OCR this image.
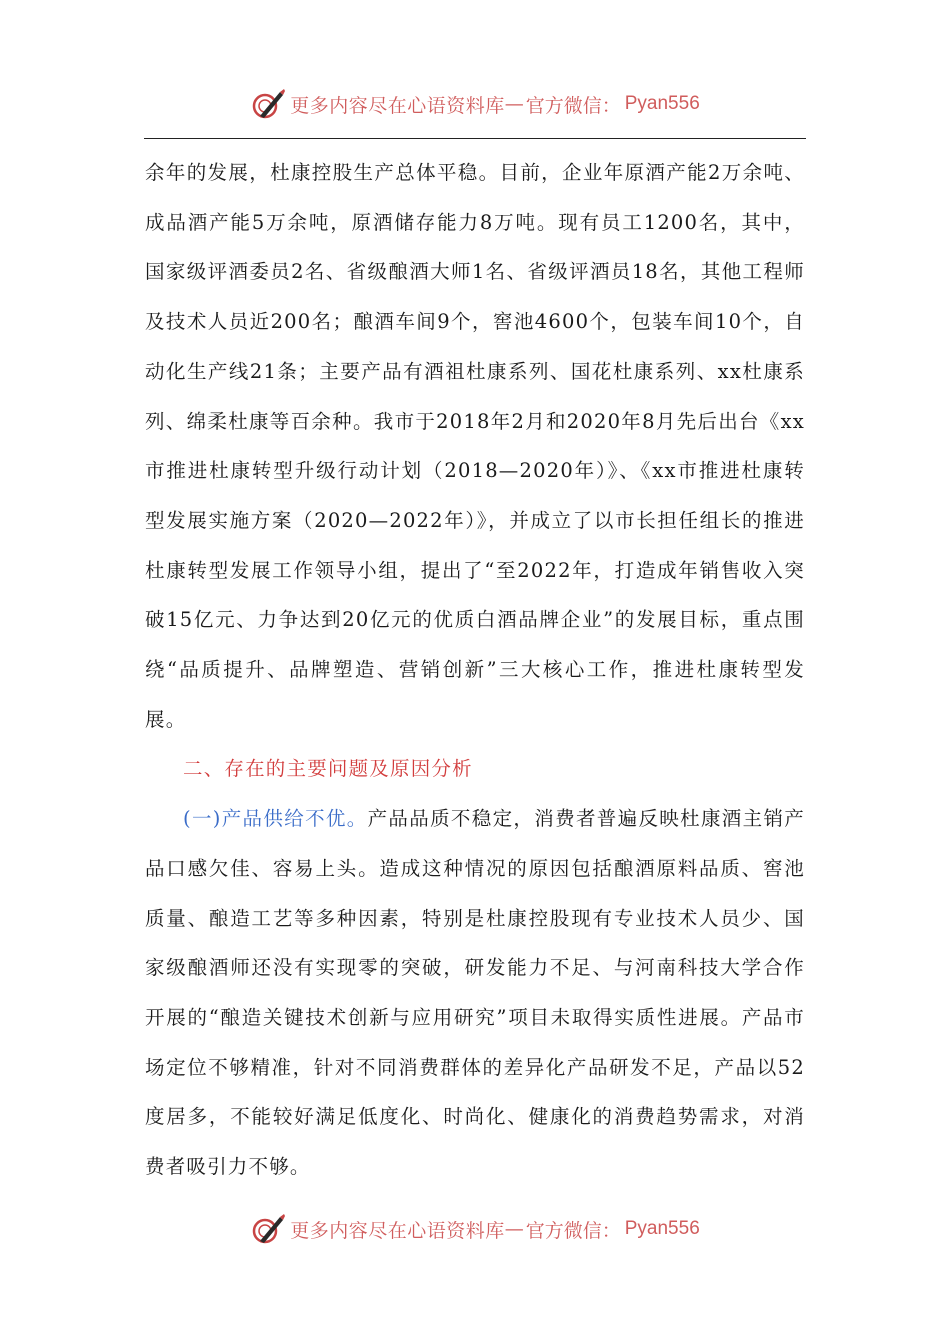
更多内容尽在心语资料库 — 官方微信： Pyan556

余年的发展，杜康控股生产总体平稳。目前，企业年原酒产能2万余吨、成品酒产能5万余吨，原酒储存能力8万吨。现有员工1200名，其中，国家级评酒委员2名、省级酿酒大师1名、省级评酒员18名，其他工程师及技术人员近200名；酿酒车间9个，窖池4600个，包装车间10个，自动化生产线21条；主要产品有酒祖杜康系列、国花杜康系列、xx杜康系列、绵柔杜康等百余种。我市于2018年2月和2020年8月先后出台《xx市推进杜康转型升级行动计划（2018—2020年）》、《xx市推进杜康转型发展实施方案（2020—2022年）》，并成立了以市长担任组长的推进杜康转型发展工作领导小组，提出了“至2022年，打造成年销售收入突破15亿元、力争达到20亿元的优质白酒品牌企业”的发展目标，重点围绕“品质提升、品牌塑造、营销创新”三大核心工作，推进杜康转型发展。

二、存在的主要问题及原因分析

(一)产品供给不优。产品品质不稳定，消费者普遍反映杜康酒主销产品口感欠佳、容易上头。造成这种情况的原因包括酿酒原料品质、窖池质量、酿造工艺等多种因素，特别是杜康控股现有专业技术人员少、国家级酿酒师还没有实现零的突破，研发能力不足、与河南科技大学合作开展的“酿造关键技术创新与应用研究”项目未取得实质性进展。产品市场定位不够精准，针对不同消费群体的差异化产品研发不足，产品以52度居多，不能较好满足低度化、时尚化、健康化的消费趋势需求，对消费者吸引力不够。

更多内容尽在心语资料库 — 官方微信： Pyan556
